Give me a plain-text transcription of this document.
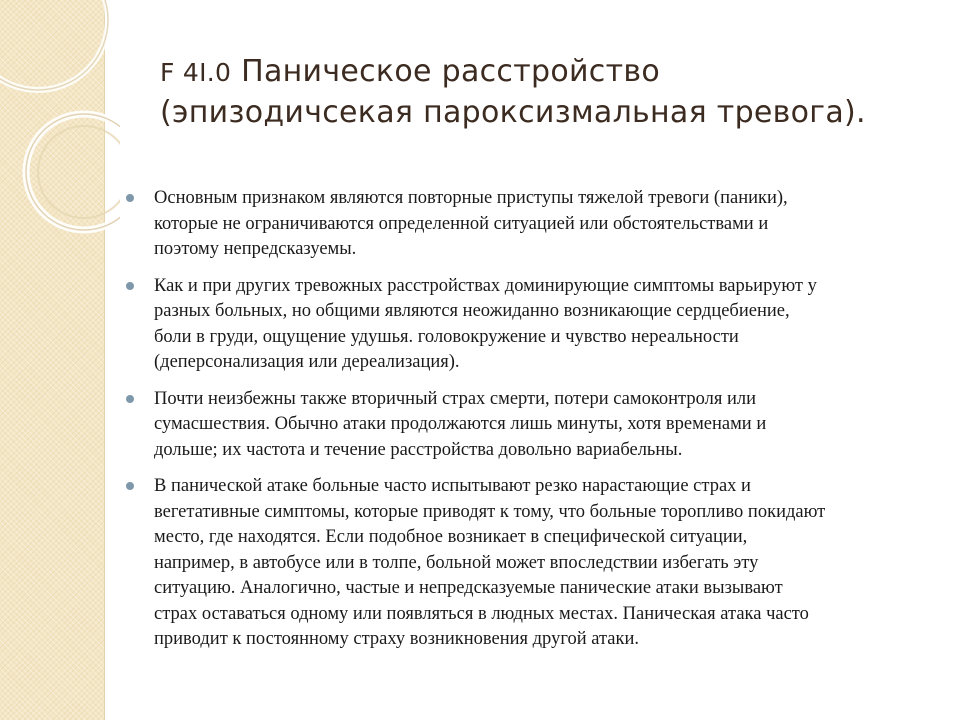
F 4I.0 Паническое расстройство
(эпизодичсекая пароксизмальная тревога).
Основным признаком являются повторные приступы тяжелой тревоги (паники),
которые не ограничиваются определенной ситуацией или обстоятельствами и
поэтому непредсказуемы.
Как и при других тревожных расстройствах доминирующие симптомы варьируют у
разных больных, но общими являются неожиданно возникающие сердцебиение,
боли в груди, ощущение удушья. головокружение и чувство нереальности
(деперсонализация или дереализация).
Почти неизбежны также вторичный страх смерти, потери самоконтроля или
сумасшествия. Обычно атаки продолжаются лишь минуты, хотя временами и
дольше; их частота и течение расстройства довольно вариабельны.
В панической атаке больные часто испытывают резко нарастающие страх и
вегетативные симптомы, которые приводят к тому, что больные торопливо покидают
место, где находятся. Если подобное возникает в специфической ситуации,
например, в автобусе или в толпе, больной может впоследствии избегать эту
ситуацию. Аналогично, частые и непредсказуемые панические атаки вызывают
страх оставаться одному или появляться в людных местах. Паническая атака часто
приводит к постоянному страху возникновения другой атаки.
